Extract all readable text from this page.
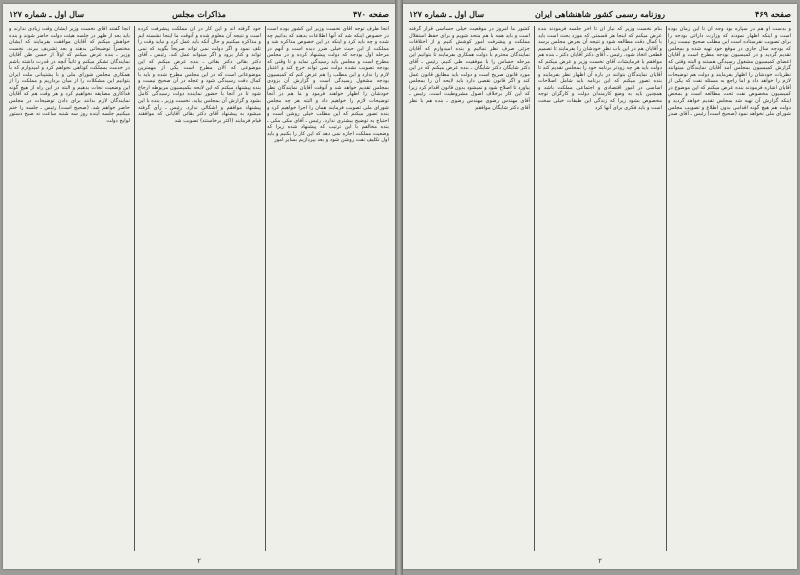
صفحه ۴۷۰
مذاکرات مجلس
سال اول ـ شماره ۱۲۷

آنجا طرف توجه آقای نخست وزیر این کشور بوده است در خصوص اینکه شد که آنها اطلاعات بدهند که بدانیم چه شده و چه باید کرد و اینکه در این خصوص مذاکره شد و مملکت از این حیث خیلی ضرر دیده است و آنهم در مرحله اول بودجه که دولت پیشنهاد کرده و در مجلس مطرح است و مجلس باید رسیدگی نماید و تا وقتی که بودجه تصویب نشده دولت نمی تواند خرج کند و اعتبار لازم را ندارد و این مطلب را هم عرض کنم که کمیسیون بودجه مشغول رسیدگی است و گزارش آن بزودی بمجلس تقدیم خواهد شد و آنوقت آقایان نمایندگان نظر خودشان را اظهار خواهند فرمود و ما هم در آنجا توضیحات لازم را خواهیم داد و البته هر چه مجلس شورای ملی تصویب فرمایند همان را اجرا خواهیم کرد و بنده تصور میکنم که این مطلب خیلی روشن است و احتیاج به توضیح بیشتری ندارد. رئیس ـ آقای مکی مکی ـ بنده مخالفم با این ترتیب که پیشنهاد شده زیرا که وضعیت مملکت اجازه نمی دهد که این کار را بکنیم و باید اول تکلیف نفت روشن شود و بعد بپردازیم بسایر امور

خود گرفته اند و این کار در آن مملکت پیشرفت کرده است و نتیجه آن معلوم شده و آنوقت ما اینجا نشسته ایم و مذاکره میکنیم و حال آنکه باید عمل کرد و نباید وقت را تلف نمود و اگر دولت نمی تواند صریحاً بگوید که نمی تواند و کنار برود و اگر میتواند عمل کند. رئیس ـ آقای دکتر بقائی دکتر بقائی ـ بنده عرض میکنم که این موضوعی که الان مطرح است یکی از مهمترین موضوعاتی است که در این مجلس مطرح شده و باید با کمال دقت رسیدگی شود و عجله در آن صحیح نیست و بنده پیشنهاد میکنم که این لایحه بکمیسیون مربوطه ارجاع شود تا در آنجا با حضور نماینده دولت رسیدگی کامل بشود و گزارش آن بمجلس بیاید. نخست وزیر ـ بنده با این پیشنهاد موافقم و اشکالی ندارد. رئیس ـ رأی گرفته میشود به پیشنهاد آقای دکتر بقائی آقایانی که موافقند قیام فرمایند (اکثر برخاستند) تصویب شد

آنجا گفتند آقای نخست وزیر ایشان وقت زیادی ندارند و باید بعد از ظهر در جلسه هیئت دولت حاضر شوند و بنده خواهش میکنم که آقایان موافقت بفرمایند که ایشان مختصراً توضیحاتی بدهند و بعد تشریف ببرند. نخست وزیر ـ بنده عرض میکنم که اولاً از حسن ظن آقایان نمایندگان تشکر میکنم و ثانیاً آنچه در قدرت داشته باشم در خدمت بمملکت کوتاهی نخواهم کرد و امیدوارم که با همکاری مجلس شورای ملی و با پشتیبانی ملت ایران بتوانیم این مشکلات را از میان برداریم و مملکت را از این وضعیت نجات بدهیم و البته در این راه از هیچ گونه فداکاری مضایقه نخواهیم کرد و هر وقت هم که آقایان نمایندگان لازم بدانند برای دادن توضیحات در مجلس حاضر خواهم شد. (صحیح است) رئیس ـ جلسه را ختم میکنیم جلسه آینده روز سه شنبه ساعت نه صبح دستور لوایح دولت

۲
صفحه ۴۶۹
روزنامه رسمی کشور شاهنشاهی ایران
سال اول ـ شماره ۱۲۷

و بدست او هم در سپاره بود وجه آن تا این زمان بوده است و اینکه اظهار نمودند که وزارت دارائی بودجه را برای تصویب نفرستاده است این مطلب صحیح نیست زیرا که بودجه سال جاری در موقع خود تهیه شده و بمجلس تقدیم گردید و در کمیسیون بودجه مطرح است و آقایان اعضای کمیسیون مشغول رسیدگی هستند و البته وقتی که گزارش کمیسیون بمجلس آمد آقایان نمایندگان میتوانند نظریات خودشان را اظهار بفرمایند و دولت هم توضیحات لازم را خواهد داد و اما راجع به مسئله نفت که یکی از آقایان اشاره فرمودند بنده عرض میکنم که این موضوع در کمیسیون مخصوص نفت تحت مطالعه است و بمحض اینکه گزارش آن تهیه شد بمجلس تقدیم خواهد گردید و دولت هم هیچ گونه اقدامی بدون اطلاع و تصویب مجلس شورای ملی نخواهد نمود (صحیح است) رئیس ـ آقای صدر

بنام نخست وزیر که نیاز آن تا آخر جلسه فرمودند بنده عرض میکنم که اینجا هر قسمتی که مورد بحث است باید با کمال دقت مطالعه شود و نتیجه آن بعرض مجلس برسد و آقایان هم در این باب نظر خودشان را بفرمایند تا تصمیم قطعی اتخاذ شود. رئیس ـ آقای دکتر آقایان دکتر ـ بنده هم موافقم با فرمایشات آقای نخست وزیر و عرض میکنم که دولت باید هر چه زودتر برنامه خود را بمجلس تقدیم کند تا آقایان نمایندگان بتوانند در باره آن اظهار نظر بفرمایند و بنده تصور میکنم که این برنامه باید شامل اصلاحات اساسی در امور اقتصادی و اجتماعی مملکت باشد و همچنین باید به وضع کارمندان دولت و کارگران توجه مخصوص بشود زیرا که زندگی این طبقات خیلی سخت است و باید فکری برای آنها کرد

کشور ما امروز در موقعیت خیلی حساسی قرار گرفته است و باید همه با هم متحد شویم و برای حفظ استقلال مملکت و پیشرفت امور کوشش کنیم و از اختلافات جزئی صرف نظر نمائیم و بنده امیدوارم که آقایان نمایندگان محترم با دولت همکاری بفرمایند تا بتوانیم این مرحله حساس را با موفقیت طی کنیم. رئیس ـ آقای دکتر شایگان دکتر شایگان ـ بنده عرض میکنم که در این مورد قانون صریح است و دولت باید مطابق قانون عمل کند و اگر قانون نقصی دارد باید لایحه آن را بمجلس بیاورد تا اصلاح شود و نمیشود بدون قانون اقدام کرد زیرا که این کار برخلاف اصول مشروطیت است. رئیس ـ آقای مهندس رضوی مهندس رضوی ـ بنده هم با نظر آقای دکتر شایگان موافقم

۲
